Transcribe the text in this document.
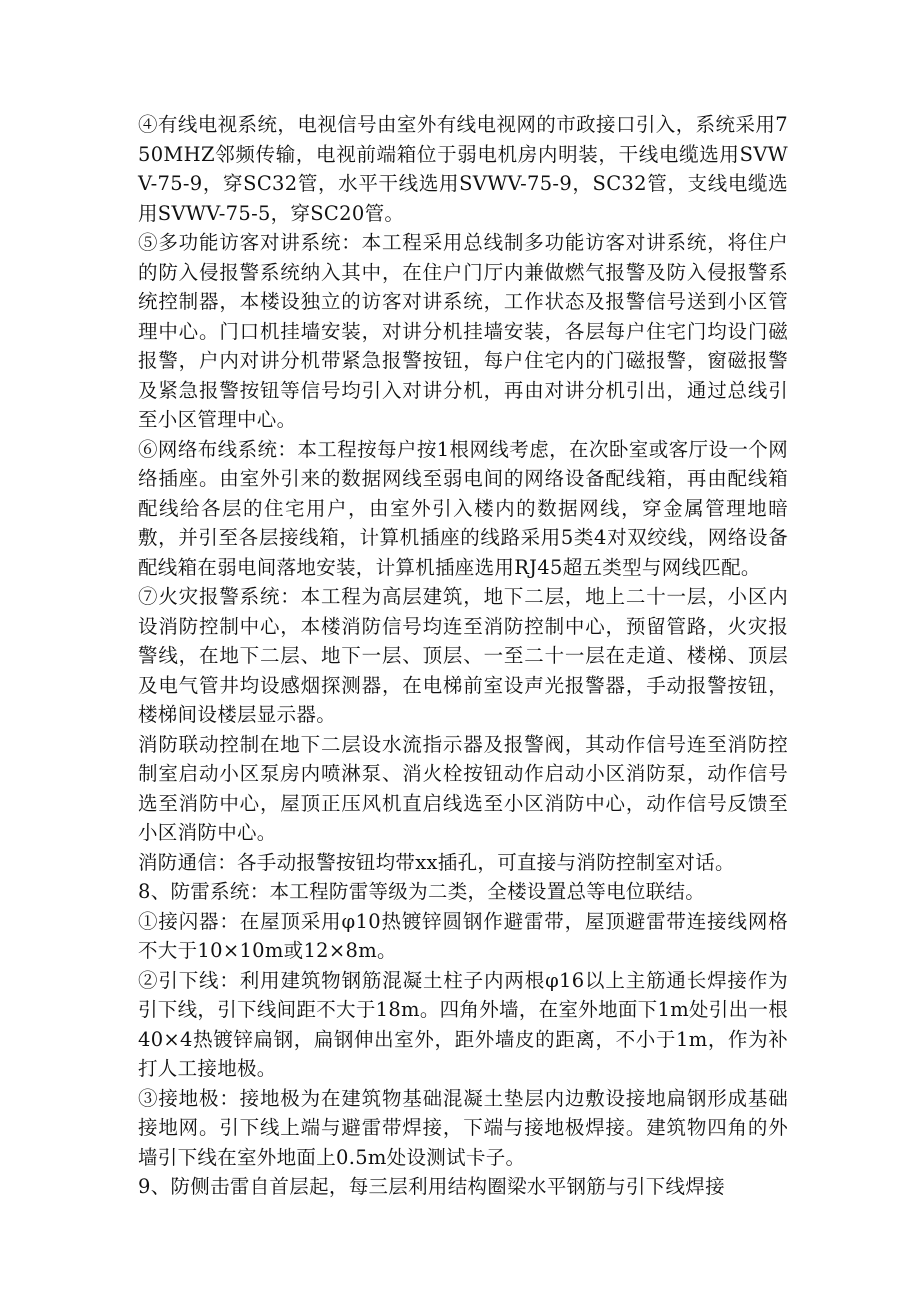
④有线电视系统，电视信号由室外有线电视网的市政接口引入，系统采用750MHZ邻频传输，电视前端箱位于弱电机房内明装，干线电缆选用SVWV-75-9，穿SC32管，水平干线选用SVWV-75-9，SC32管，支线电缆选用SVWV-75-5，穿SC20管。

⑤多功能访客对讲系统：本工程采用总线制多功能访客对讲系统，将住户的防入侵报警系统纳入其中，在住户门厅内兼做燃气报警及防入侵报警系统控制器，本楼设独立的访客对讲系统，工作状态及报警信号送到小区管理中心。门口机挂墙安装，对讲分机挂墙安装，各层每户住宅门均设门磁报警，户内对讲分机带紧急报警按钮，每户住宅内的门磁报警，窗磁报警及紧急报警按钮等信号均引入对讲分机，再由对讲分机引出，通过总线引至小区管理中心。

⑥网络布线系统：本工程按每户按1根网线考虑，在次卧室或客厅设一个网络插座。由室外引来的数据网线至弱电间的网络设备配线箱，再由配线箱配线给各层的住宅用户，由室外引入楼内的数据网线，穿金属管理地暗敷，并引至各层接线箱，计算机插座的线路采用5类4对双绞线，网络设备配线箱在弱电间落地安装，计算机插座选用RJ45超五类型与网线匹配。

⑦火灾报警系统：本工程为高层建筑，地下二层，地上二十一层，小区内设消防控制中心，本楼消防信号均连至消防控制中心，预留管路，火灾报警线，在地下二层、地下一层、顶层、一至二十一层在走道、楼梯、顶层及电气管井均设感烟探测器，在电梯前室设声光报警器，手动报警按钮，楼梯间设楼层显示器。

消防联动控制在地下二层设水流指示器及报警阀，其动作信号连至消防控制室启动小区泵房内喷淋泵、消火栓按钮动作启动小区消防泵，动作信号选至消防中心，屋顶正压风机直启线选至小区消防中心，动作信号反馈至小区消防中心。

消防通信：各手动报警按钮均带xx插孔，可直接与消防控制室对话。

8、防雷系统：本工程防雷等级为二类，全楼设置总等电位联结。

①接闪器：在屋顶采用φ10热镀锌圆钢作避雷带，屋顶避雷带连接线网格不大于10×10m或12×8m。

②引下线：利用建筑物钢筋混凝土柱子内两根φ16以上主筋通长焊接作为引下线，引下线间距不大于18m。四角外墙，在室外地面下1m处引出一根40×4热镀锌扁钢，扁钢伸出室外，距外墙皮的距离，不小于1m，作为补打人工接地极。

③接地极：接地极为在建筑物基础混凝土垫层内边敷设接地扁钢形成基础接地网。引下线上端与避雷带焊接，下端与接地极焊接。建筑物四角的外墙引下线在室外地面上0.5m处设测试卡子。

9、防侧击雷自首层起，每三层利用结构圈梁水平钢筋与引下线焊接
